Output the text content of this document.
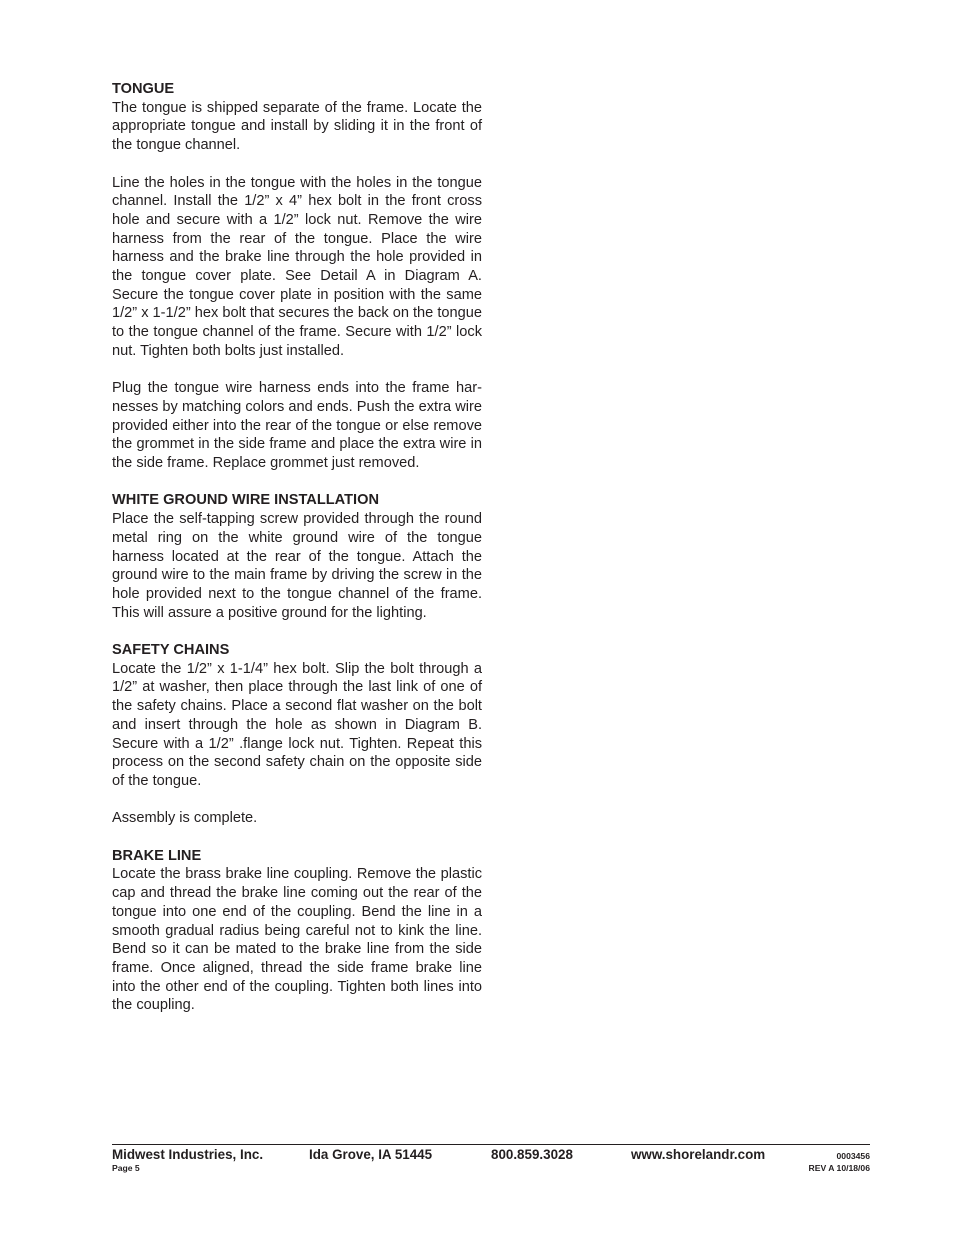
TONGUE

The tongue is shipped separate of the frame. Locate the appropriate tongue and install by sliding it in the front of the tongue channel.

Line the holes in the tongue with the holes in the tongue channel. Install the 1/2” x 4” hex bolt in the front cross hole and secure with a 1/2” lock nut. Remove the wire harness from the rear of the tongue. Place the wire harness and the brake line through the hole provided in the tongue cover plate. See Detail A in Diagram A. Secure the tongue cover plate in position with the same 1/2” x 1-1/2” hex bolt that secures the back on the tongue to the tongue channel of the frame. Secure with 1/2” lock nut. Tighten both bolts just installed.

Plug the tongue wire harness ends into the frame harnesses by matching colors and ends. Push the extra wire provided either into the rear of the tongue or else remove the grommet in the side frame and place the extra wire in the side frame. Replace grommet just removed.

WHITE GROUND WIRE INSTALLATION

Place the self-tapping screw provided through the round metal ring on the white ground wire of the tongue harness located at the rear of the tongue. Attach the ground wire to the main frame by driving the screw in the hole provided next to the tongue channel of the frame. This will assure a positive ground for the lighting.

SAFETY CHAINS

Locate the 1/2” x 1-1/4” hex bolt. Slip the bolt through a 1/2” at washer, then place through the last link of one of the safety chains. Place a second flat washer on the bolt and insert through the hole as shown in Diagram B. Secure with a 1/2” .flange lock nut. Tighten. Repeat this process on the second safety chain on the opposite side of the tongue.

Assembly is complete.

BRAKE LINE

Locate the brass brake line coupling. Remove the plastic cap and thread the brake line coming out the rear of the tongue into one end of the coupling. Bend the line in a smooth gradual radius being careful not to kink the line. Bend so it can be mated to the brake line from the side frame. Once aligned, thread the side frame brake line into the other end of the coupling. Tighten both lines into the coupling.

Midwest Industries, Inc.	Ida Grove, IA 51445	800.859.3028	www.shorelandr.com	0003456
Page 5	REV A 10/18/06
